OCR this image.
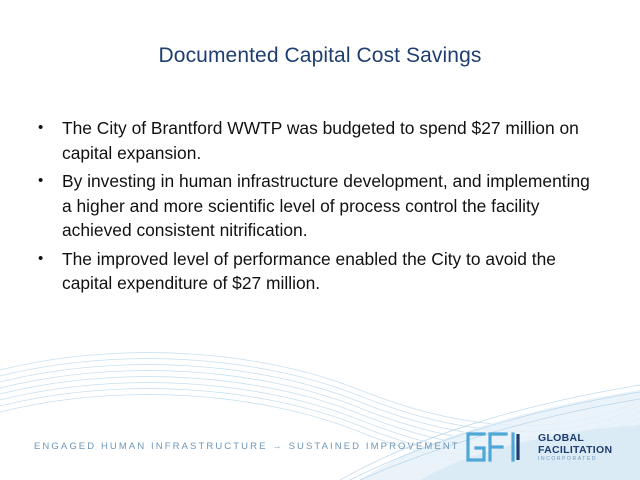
Documented Capital Cost Savings
• The City of Brantford WWTP was budgeted to spend $27 million on capital expansion.
• By investing in human infrastructure development, and implementing a higher and more scientific level of process control the facility achieved consistent nitrification.
• The improved level of performance enabled the City to avoid the capital expenditure of $27 million.
ENGAGED HUMAN INFRASTRUCTURE → SUSTAINED IMPROVEMENT
GLOBAL
FACILITATION
INCORPORATED
